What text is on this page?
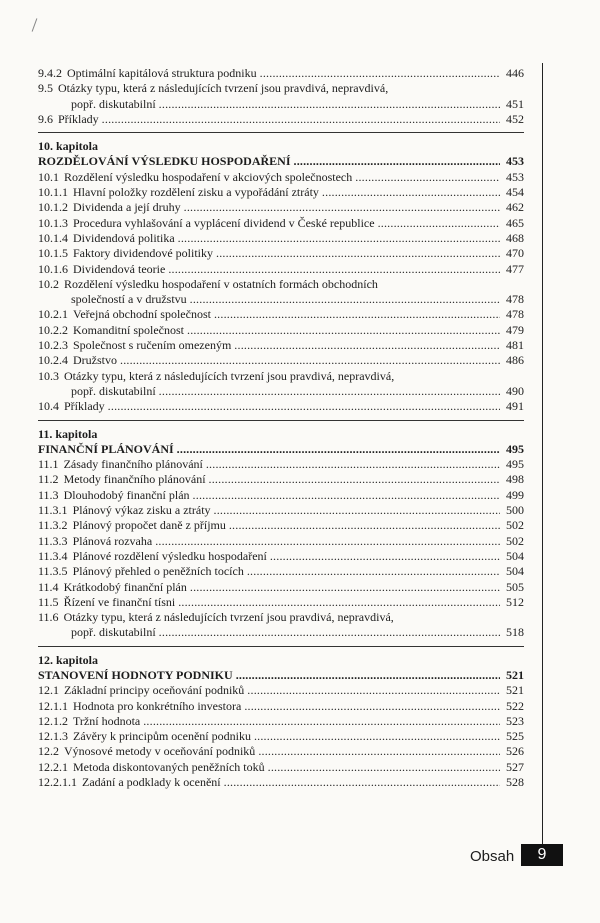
9.4.2 Optimální kapitálová struktura podniku .....	446
9.5 Otázky typu, která z následujících tvrzení jsou pravdivá, nepravdivá,
popř. diskutabilní .....	451
9.6 Příklady .....	452
10. kapitola
ROZDĚLOVÁNÍ VÝSLEDKU HOSPODAŘENÍ .....	453
10.1 Rozdělení výsledku hospodaření v akciových společnostech .....	453
10.1.1 Hlavní položky rozdělení zisku a vypořádání ztráty .....	454
10.1.2 Dividenda a její druhy .....	462
10.1.3 Procedura vyhlašování a vyplácení dividend v České republice .....	465
10.1.4 Dividendová politika .....	468
10.1.5 Faktory dividendové politiky .....	470
10.1.6 Dividendová teorie .....	477
10.2 Rozdělení výsledku hospodaření v ostatních formách obchodních
společností a v družstvu .....	478
10.2.1 Veřejná obchodní společnost .....	478
10.2.2 Komanditní společnost .....	479
10.2.3 Společnost s ručením omezeným .....	481
10.2.4 Družstvo .....	486
10.3 Otázky typu, která z následujících tvrzení jsou pravdivá, nepravdivá,
popř. diskutabilní .....	490
10.4 Příklady .....	491
11. kapitola
FINANČNÍ PLÁNOVÁNÍ .....	495
11.1 Zásady finančního plánování .....	495
11.2 Metody finančního plánování .....	498
11.3 Dlouhodobý finanční plán .....	499
11.3.1 Plánový výkaz zisku a ztráty .....	500
11.3.2 Plánový propočet daně z příjmu .....	502
11.3.3 Plánová rozvaha .....	502
11.3.4 Plánové rozdělení výsledku hospodaření .....	504
11.3.5 Plánový přehled o peněžních tocích .....	504
11.4 Krátkodobý finanční plán .....	505
11.5 Řízení ve finanční tísni .....	512
11.6 Otázky typu, která z následujících tvrzení jsou pravdivá, nepravdivá,
popř. diskutabilní .....	518
12. kapitola
STANOVENÍ HODNOTY PODNIKU .....	521
12.1 Základní principy oceňování podniků .....	521
12.1.1 Hodnota pro konkrétního investora .....	522
12.1.2 Tržní hodnota .....	523
12.1.3 Závěry k principům ocenění podniku .....	525
12.2 Výnosové metody v oceňování podniků .....	526
12.2.1 Metoda diskontovaných peněžních toků .....	527
12.2.1.1 Zadání a podklady k ocenění .....	528
Obsah	9
